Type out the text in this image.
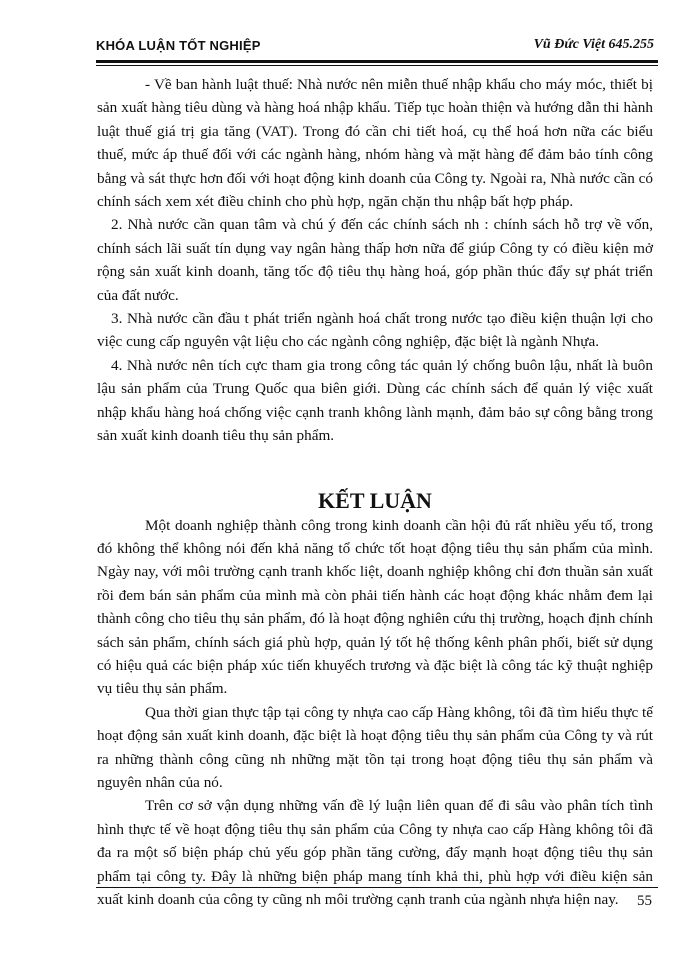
KHÓA LUẬN TỐT NGHIỆP	Vũ Đức Việt 645.255

- Về ban hành luật thuế: Nhà nước nên miễn thuế nhập khẩu cho máy móc, thiết bị sản xuất hàng tiêu dùng và hàng hoá nhập khẩu. Tiếp tục hoàn thiện và hướng dẫn thi hành luật thuế giá trị gia tăng (VAT). Trong đó cần chi tiết hoá, cụ thể hoá hơn nữa các biểu thuế, mức áp thuế đối với các ngành hàng, nhóm hàng và mặt hàng để đảm bảo tính công bằng và sát thực hơn đối với hoạt động kinh doanh của Công ty. Ngoài ra, Nhà nước cần có chính sách xem xét điều chỉnh cho phù hợp, ngăn chặn thu nhập bất hợp pháp.

2. Nhà nước cần quan tâm và chú ý đến các chính sách nh : chính sách hỗ trợ về vốn, chính sách lãi suất tín dụng vay ngân hàng thấp hơn nữa để giúp Công ty có điều kiện mở rộng sản xuất kinh doanh, tăng tốc độ tiêu thụ hàng hoá, góp phần thúc đẩy sự phát triển của đất nước.

3. Nhà nước cần đầu t phát triển ngành hoá chất trong nước tạo điều kiện thuận lợi cho việc cung cấp nguyên vật liệu cho các ngành công nghiệp, đặc biệt là ngành Nhựa.

4. Nhà nước nên tích cực tham gia trong công tác quản lý chống buôn lậu, nhất là buôn lậu sản phẩm của Trung Quốc qua biên giới. Dùng các chính sách để quản lý việc xuất nhập khẩu hàng hoá chống việc cạnh tranh không lành mạnh, đảm bảo sự công bằng trong sản xuất kinh doanh tiêu thụ sản phẩm.

KẾT LUẬN

Một doanh nghiệp thành công trong kinh doanh cần hội đủ rất nhiều yếu tố, trong đó không thể không nói đến khả năng tổ chức tốt hoạt động tiêu thụ sản phẩm của mình. Ngày nay, với môi trường cạnh tranh khốc liệt, doanh nghiệp không chỉ đơn thuần sản xuất rồi đem bán sản phẩm của mình mà còn phải tiến hành các hoạt động khác nhằm đem lại thành công cho tiêu thụ sản phẩm, đó là hoạt động nghiên cứu thị trường, hoạch định chính sách sản phẩm, chính sách giá phù hợp, quản lý tốt hệ thống kênh phân phối, biết sử dụng có hiệu quả các biện pháp xúc tiến khuyếch trương và đặc biệt là công tác kỹ thuật nghiệp vụ tiêu thụ sản phẩm.

Qua thời gian thực tập tại công ty nhựa cao cấp Hàng không, tôi đã tìm hiểu thực tế hoạt động sản xuất kinh doanh, đặc biệt là hoạt động tiêu thụ sản phẩm của Công ty và rút ra những thành công cũng nh những mặt tồn tại trong hoạt động tiêu thụ sản phẩm và nguyên nhân của nó.

Trên cơ sở vận dụng những vấn đề lý luận liên quan để đi sâu vào phân tích tình hình thực tế về hoạt động tiêu thụ sản phẩm của Công ty nhựa cao cấp Hàng không tôi đã đa ra một số biện pháp chủ yếu góp phần tăng cường, đẩy mạnh hoạt động tiêu thụ sản phẩm tại công ty. Đây là những biện pháp mang tính khả thi, phù hợp với điều kiện sản xuất kinh doanh của công ty cũng nh môi trường cạnh tranh của ngành nhựa hiện nay.	55
